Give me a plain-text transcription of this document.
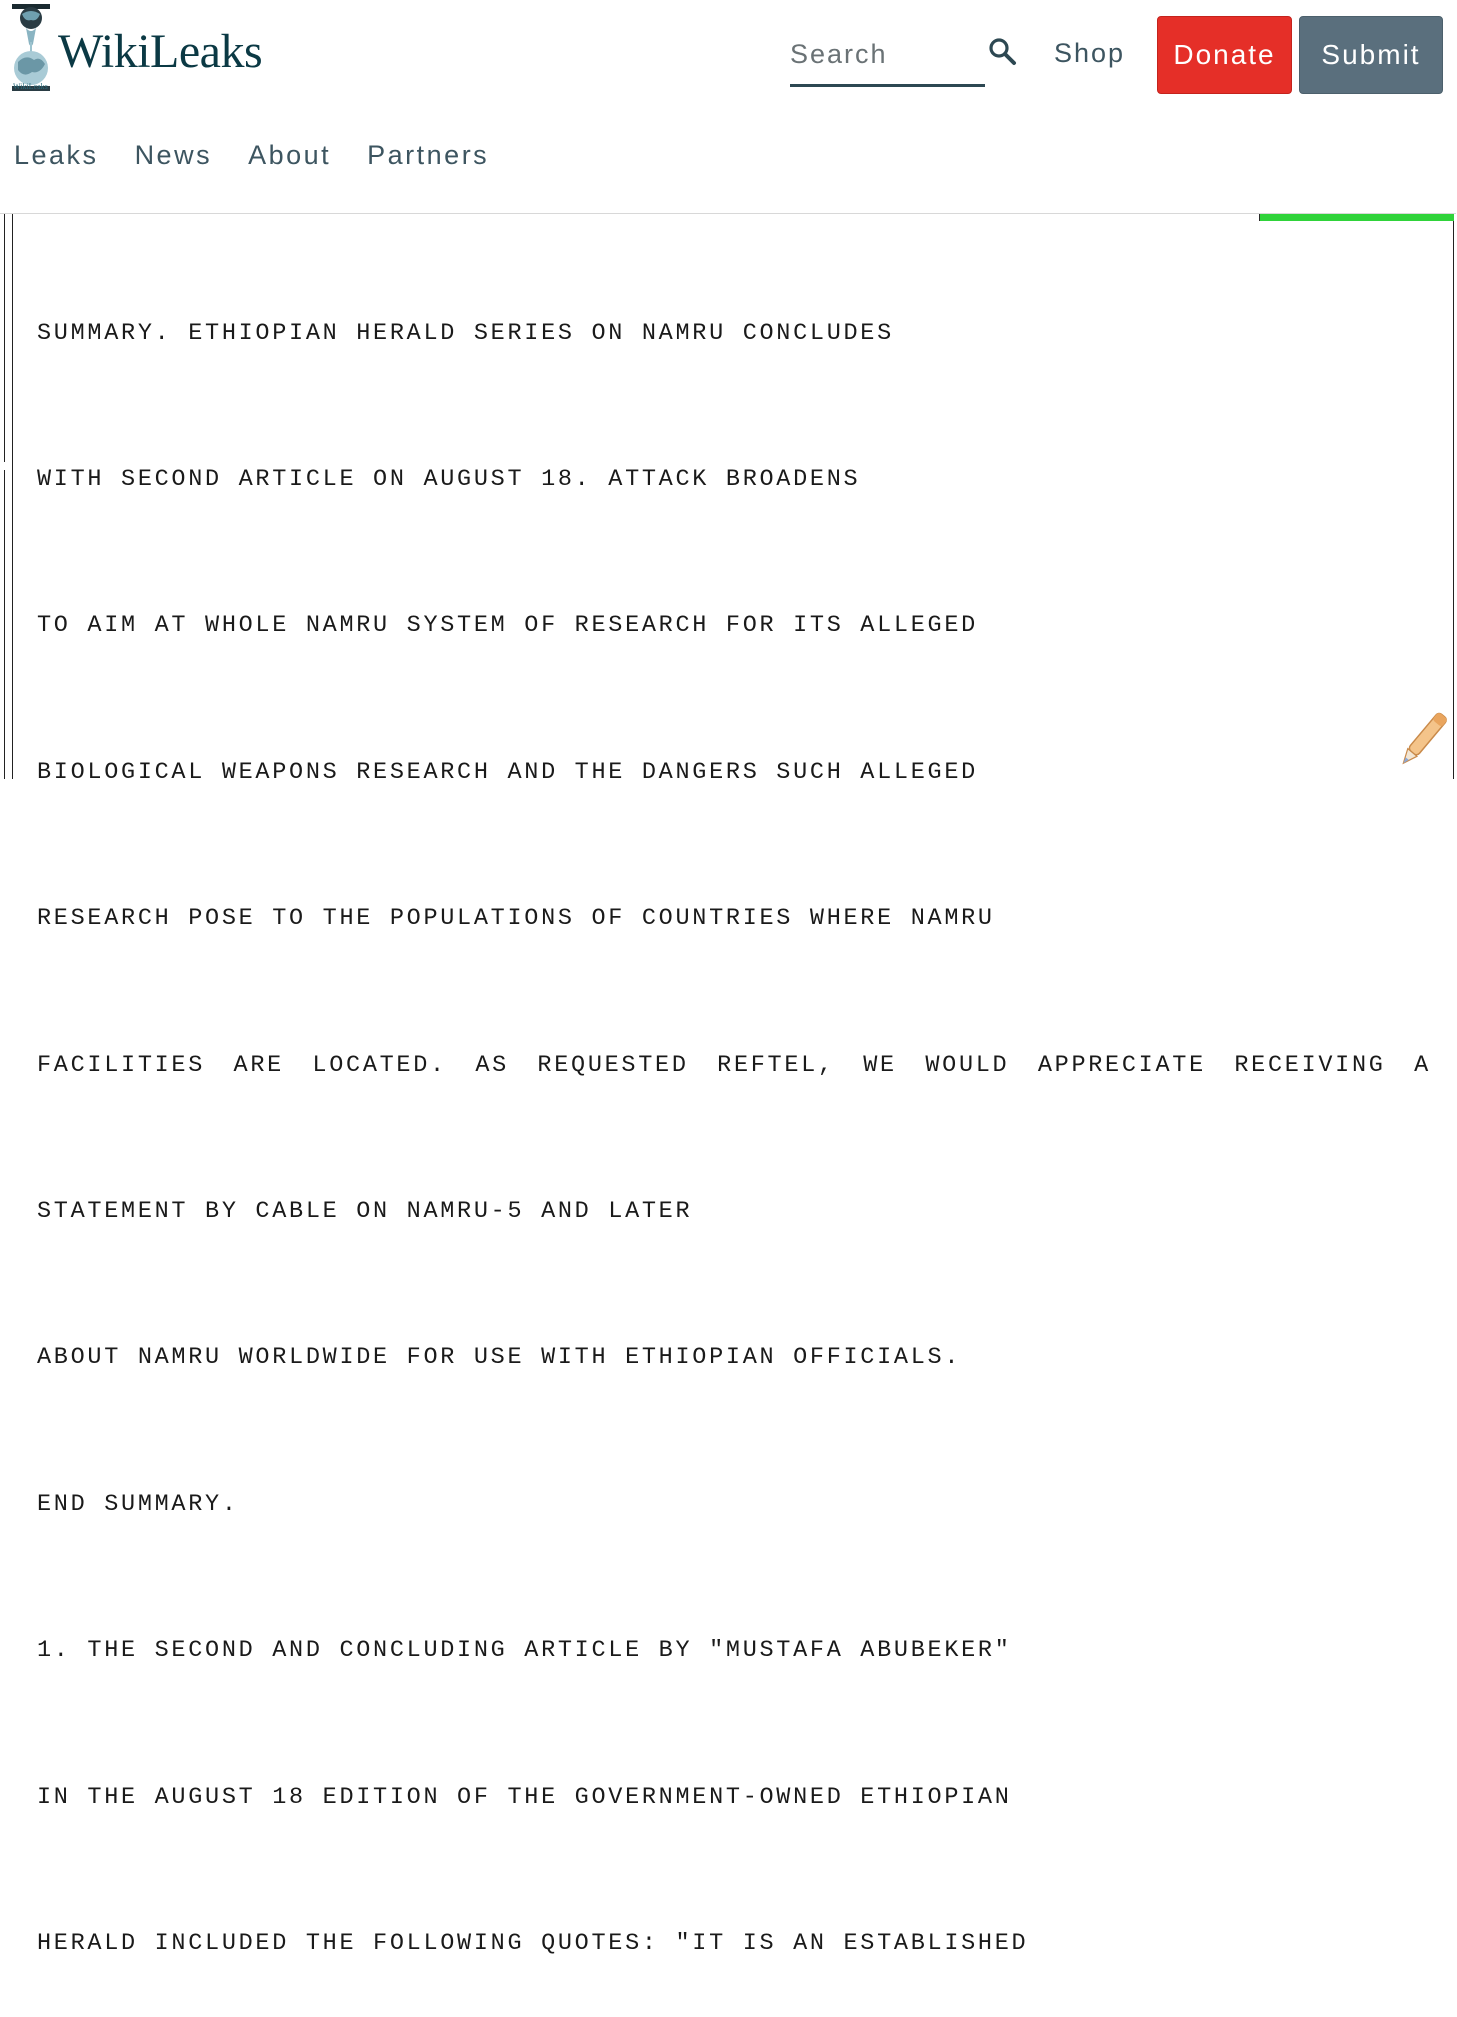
WikiLeaks
WikiLeaks
Search	Shop	Donate	Submit
Leaks News About Partners

SUMMARY. ETHIOPIAN HERALD SERIES ON NAMRU CONCLUDES

WITH SECOND ARTICLE ON AUGUST 18. ATTACK BROADENS

TO AIM AT WHOLE NAMRU SYSTEM OF RESEARCH FOR ITS ALLEGED

BIOLOGICAL WEAPONS RESEARCH AND THE DANGERS SUCH ALLEGED

RESEARCH POSE TO THE POPULATIONS OF COUNTRIES WHERE NAMRU

FACILITIES ARE LOCATED. AS REQUESTED REFTEL, WE WOULD APPRECIATE RECEIVING A

STATEMENT BY CABLE ON NAMRU-5 AND LATER

ABOUT NAMRU WORLDWIDE FOR USE WITH ETHIOPIAN OFFICIALS.

END SUMMARY.

1. THE SECOND AND CONCLUDING ARTICLE BY "MUSTAFA ABUBEKER"

IN THE AUGUST 18 EDITION OF THE GOVERNMENT-OWNED ETHIOPIAN

HERALD INCLUDED THE FOLLOWING QUOTES: "IT IS AN ESTABLISHED
